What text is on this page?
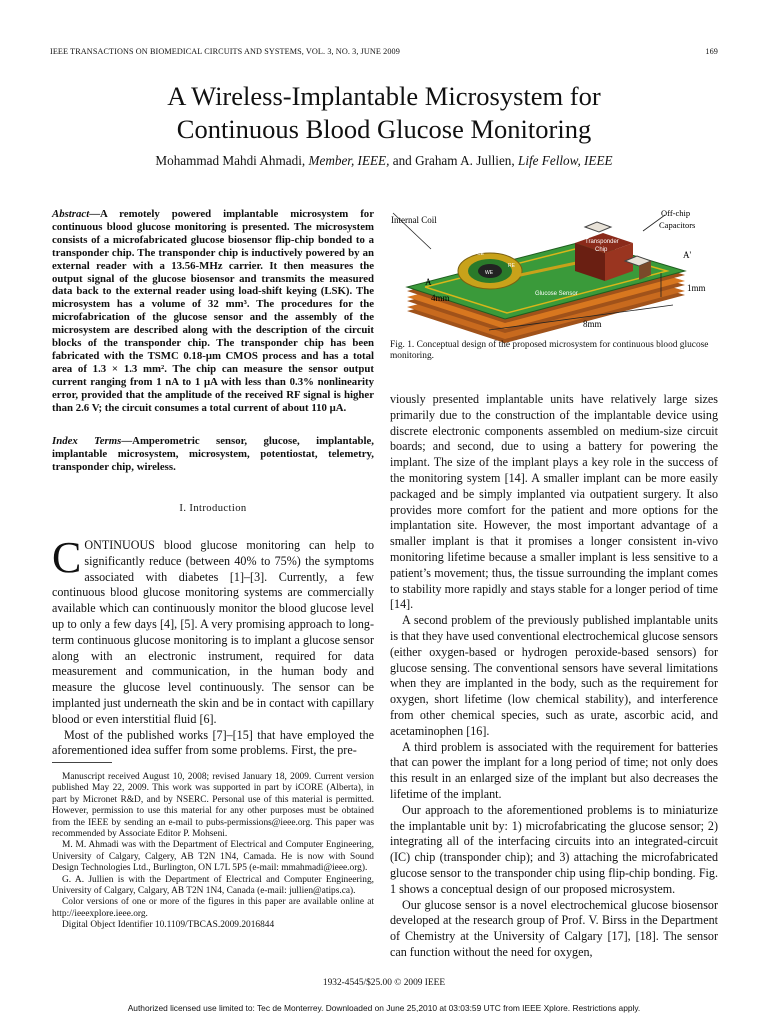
IEEE TRANSACTIONS ON BIOMEDICAL CIRCUITS AND SYSTEMS, VOL. 3, NO. 3, JUNE 2009	169
A Wireless-Implantable Microsystem for
Continuous Blood Glucose Monitoring
Mohammad Mahdi Ahmadi, Member, IEEE, and Graham A. Jullien, Life Fellow, IEEE
Abstract—A remotely powered implantable microsystem for continuous blood glucose monitoring is presented. The microsystem consists of a microfabricated glucose biosensor flip-chip bonded to a transponder chip. The transponder chip is inductively powered by an external reader with a 13.56-MHz carrier. It then measures the output signal of the glucose biosensor and transmits the measured data back to the external reader using load-shift keying (LSK). The microsystem has a volume of 32 mm³. The procedures for the microfabrication of the glucose sensor and the assembly of the microsystem are described along with the description of the circuit blocks of the transponder chip. The transponder chip has been fabricated with the TSMC 0.18-μm CMOS process and has a total area of 1.3 × 1.3 mm². The chip can measure the sensor output current ranging from 1 nA to 1 μA with less than 0.3% nonlinearity error, provided that the amplitude of the received RF signal is higher than 2.6 V; the circuit consumes a total current of about 110 μA.
Index Terms—Amperometric sensor, glucose, implantable, implantable microsystem, microsystem, potentiostat, telemetry, transponder chip, wireless.
I. Introduction
CONTINUOUS blood glucose monitoring can help to significantly reduce (between 40% to 75%) the symptoms associated with diabetes [1]–[3]. Currently, a few continuous blood glucose monitoring systems are commercially available which can continuously monitor the blood glucose level up to only a few days [4], [5]. A very promising approach to long-term continuous glucose monitoring is to implant a glucose sensor along with an electronic instrument, required for data measurement and communication, in the human body and measure the glucose level continuously. The sensor can be implanted just underneath the skin and be in contact with capillary blood or even interstitial fluid [6].
Most of the published works [7]–[15] that have employed the aforementioned idea suffer from some problems. First, the pre-

Manuscript received August 10, 2008; revised January 18, 2009. Current version published May 22, 2009. This work was supported in part by iCORE (Alberta), in part by Micronet R&D, and by NSERC. Personal use of this material is permitted. However, permission to use this material for any other purposes must be obtained from the IEEE by sending an e-mail to pubs-permissions@ieee.org. This paper was recommended by Associate Editor P. Mohseni.

M. M. Ahmadi was with the Department of Electrical and Computer Engineering, University of Calgary, Calgery, AB T2N 1N4, Camada. He is now with Sound Design Technologies Ltd., Burlington, ON L7L 5P5 (e-mail: mmahmadi@ieee.org).

G. A. Jullien is with the Department of Electrical and Computer Engineering, University of Calgary, Calgary, AB T2N 1N4, Canada (e-mail: jullien@atips.ca).

Color versions of one or more of the figures in this paper are available online at http://ieeexplore.ieee.org.

Digital Object Identifier 10.1109/TBCAS.2009.2016844

Internal Coil
Off-chip
Capacitors
Transponder
Chip	A'
A
4mm
1mm
8mm
WE
CE
RE
Glucose Sensor
Fig. 1. Conceptual design of the proposed microsystem for continuous blood glucose monitoring.

viously presented implantable units have relatively large sizes primarily due to the construction of the implantable device using discrete electronic components assembled on medium-size circuit boards; and second, due to using a battery for powering the implant. The size of the implant plays a key role in the success of the monitoring system [14]. A smaller implant can be more easily packaged and be simply implanted via outpatient surgery. It also provides more comfort for the patient and more options for the implantation site. However, the most important advantage of a smaller implant is that it promises a longer consistent in-vivo monitoring lifetime because a smaller implant is less sensitive to a patient’s movement; thus, the tissue surrounding the implant comes to stability more rapidly and stays stable for a longer period of time [14].

A second problem of the previously published implantable units is that they have used conventional electrochemical glucose sensors (either oxygen-based or hydrogen peroxide-based sensors) for glucose sensing. The conventional sensors have several limitations when they are implanted in the body, such as the requirement for oxygen, short lifetime (low chemical stability), and interference from other chemical species, such as urate, ascorbic acid, and acetaminophen [16].

A third problem is associated with the requirement for batteries that can power the implant for a long period of time; not only does this result in an enlarged size of the implant but also decreases the lifetime of the implant.

Our approach to the aforementioned problems is to miniaturize the implantable unit by: 1) microfabricating the glucose sensor; 2) integrating all of the interfacing circuits into an integrated-circuit (IC) chip (transponder chip); and 3) attaching the microfabricated glucose sensor to the transponder chip using flip-chip bonding. Fig. 1 shows a conceptual design of our proposed microsystem.

Our glucose sensor is a novel electrochemical glucose biosensor developed at the research group of Prof. V. Birss in the Department of Chemistry at the University of Calgary [17], [18]. The sensor can function without the need for oxygen,

1932-4545/$25.00 © 2009 IEEE
Authorized licensed use limited to: Tec de Monterrey. Downloaded on June 25,2010 at 03:03:59 UTC from IEEE Xplore. Restrictions apply.
